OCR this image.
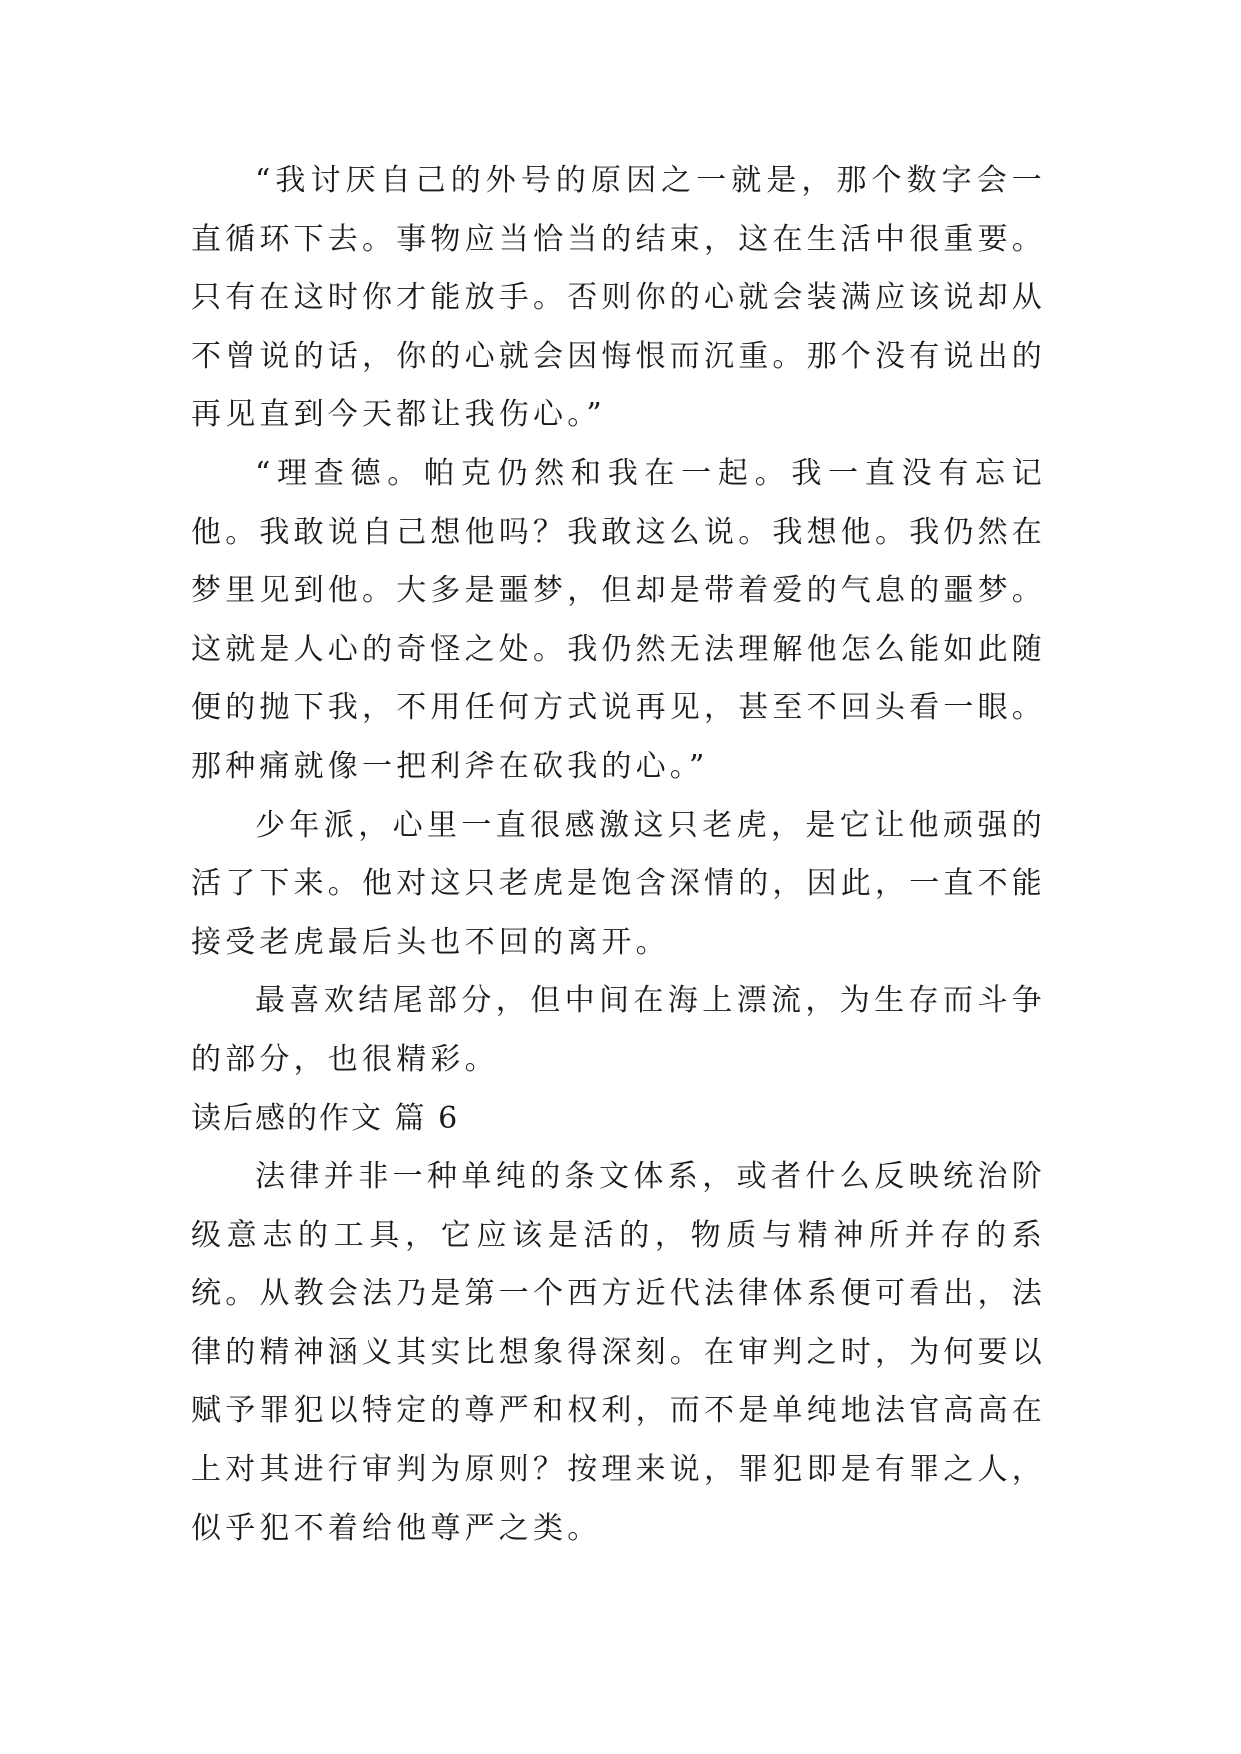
“我讨厌自己的外号的原因之一就是，那个数字会一直循环下去。事物应当恰当的结束，这在生活中很重要。只有在这时你才能放手。否则你的心就会装满应该说却从不曾说的话，你的心就会因悔恨而沉重。那个没有说出的再见直到今天都让我伤心。”

“理查德。帕克仍然和我在一起。我一直没有忘记他。我敢说自己想他吗？我敢这么说。我想他。我仍然在梦里见到他。大多是噩梦，但却是带着爱的气息的噩梦。这就是人心的奇怪之处。我仍然无法理解他怎么能如此随便的抛下我，不用任何方式说再见，甚至不回头看一眼。那种痛就像一把利斧在砍我的心。”

少年派，心里一直很感激这只老虎，是它让他顽强的活了下来。他对这只老虎是饱含深情的，因此，一直不能接受老虎最后头也不回的离开。

最喜欢结尾部分，但中间在海上漂流，为生存而斗争的部分，也很精彩。

读后感的作文 篇 6

法律并非一种单纯的条文体系，或者什么反映统治阶级意志的工具，它应该是活的，物质与精神所并存的系统。从教会法乃是第一个西方近代法律体系便可看出，法律的精神涵义其实比想象得深刻。在审判之时，为何要以赋予罪犯以特定的尊严和权利，而不是单纯地法官高高在上对其进行审判为原则？按理来说，罪犯即是有罪之人，似乎犯不着给他尊严之类。
